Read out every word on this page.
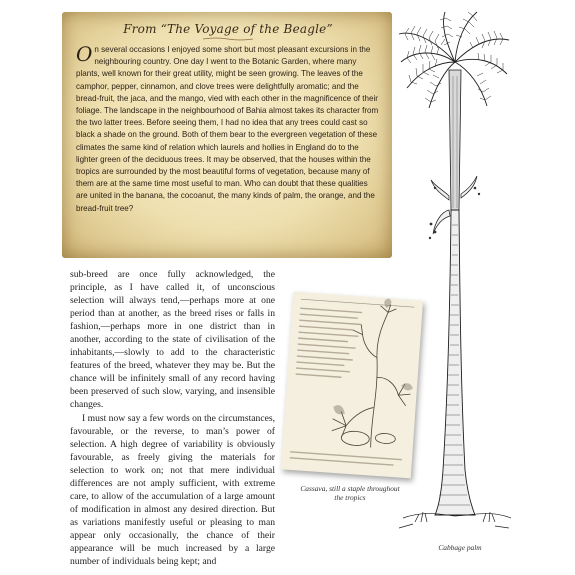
From “The Voyage of the Beagle”
On several occasions I enjoyed some short but most pleasant excursions in the neighbouring country. One day I went to the Botanic Garden, where many plants, well known for their great utility, might be seen growing. The leaves of the camphor, pepper, cinnamon, and clove trees were delightfully aromatic; and the bread-fruit, the jaca, and the mango, vied with each other in the magnificence of their foliage. The landscape in the neighbourhood of Bahia almost takes its character from the two latter trees. Before seeing them, I had no idea that any trees could cast so black a shade on the ground. Both of them bear to the evergreen vegetation of these climates the same kind of relation which laurels and hollies in England do to the lighter green of the deciduous trees. It may be observed, that the houses within the tropics are surrounded by the most beautiful forms of vegetation, because many of them are at the same time most useful to man. Who can doubt that these qualities are united in the banana, the cocoanut, the many kinds of palm, the orange, and the bread-fruit tree?

sub-breed are once fully acknowledged, the principle, as I have called it, of unconscious selection will always tend,—perhaps more at one period than at another, as the breed rises or falls in fashion,—perhaps more in one district than in another, according to the state of civilisation of the inhabitants,—slowly to add to the characteristic features of the breed, whatever they may be. But the chance will be infinitely small of any record having been preserved of such slow, varying, and insensible changes.

I must now say a few words on the circumstances, favourable, or the reverse, to man’s power of selection. A high degree of variability is obviously favourable, as freely giving the materials for selection to work on; not that mere individual differences are not amply sufficient, with extreme care, to allow of the accumulation of a large amount of modification in almost any desired direction. But as variations manifestly useful or pleasing to man appear only occasionally, the chance of their appearance will be much increased by a large number of individuals being kept; and

Cassava, still a staple throughout the tropics
Cabbage palm
